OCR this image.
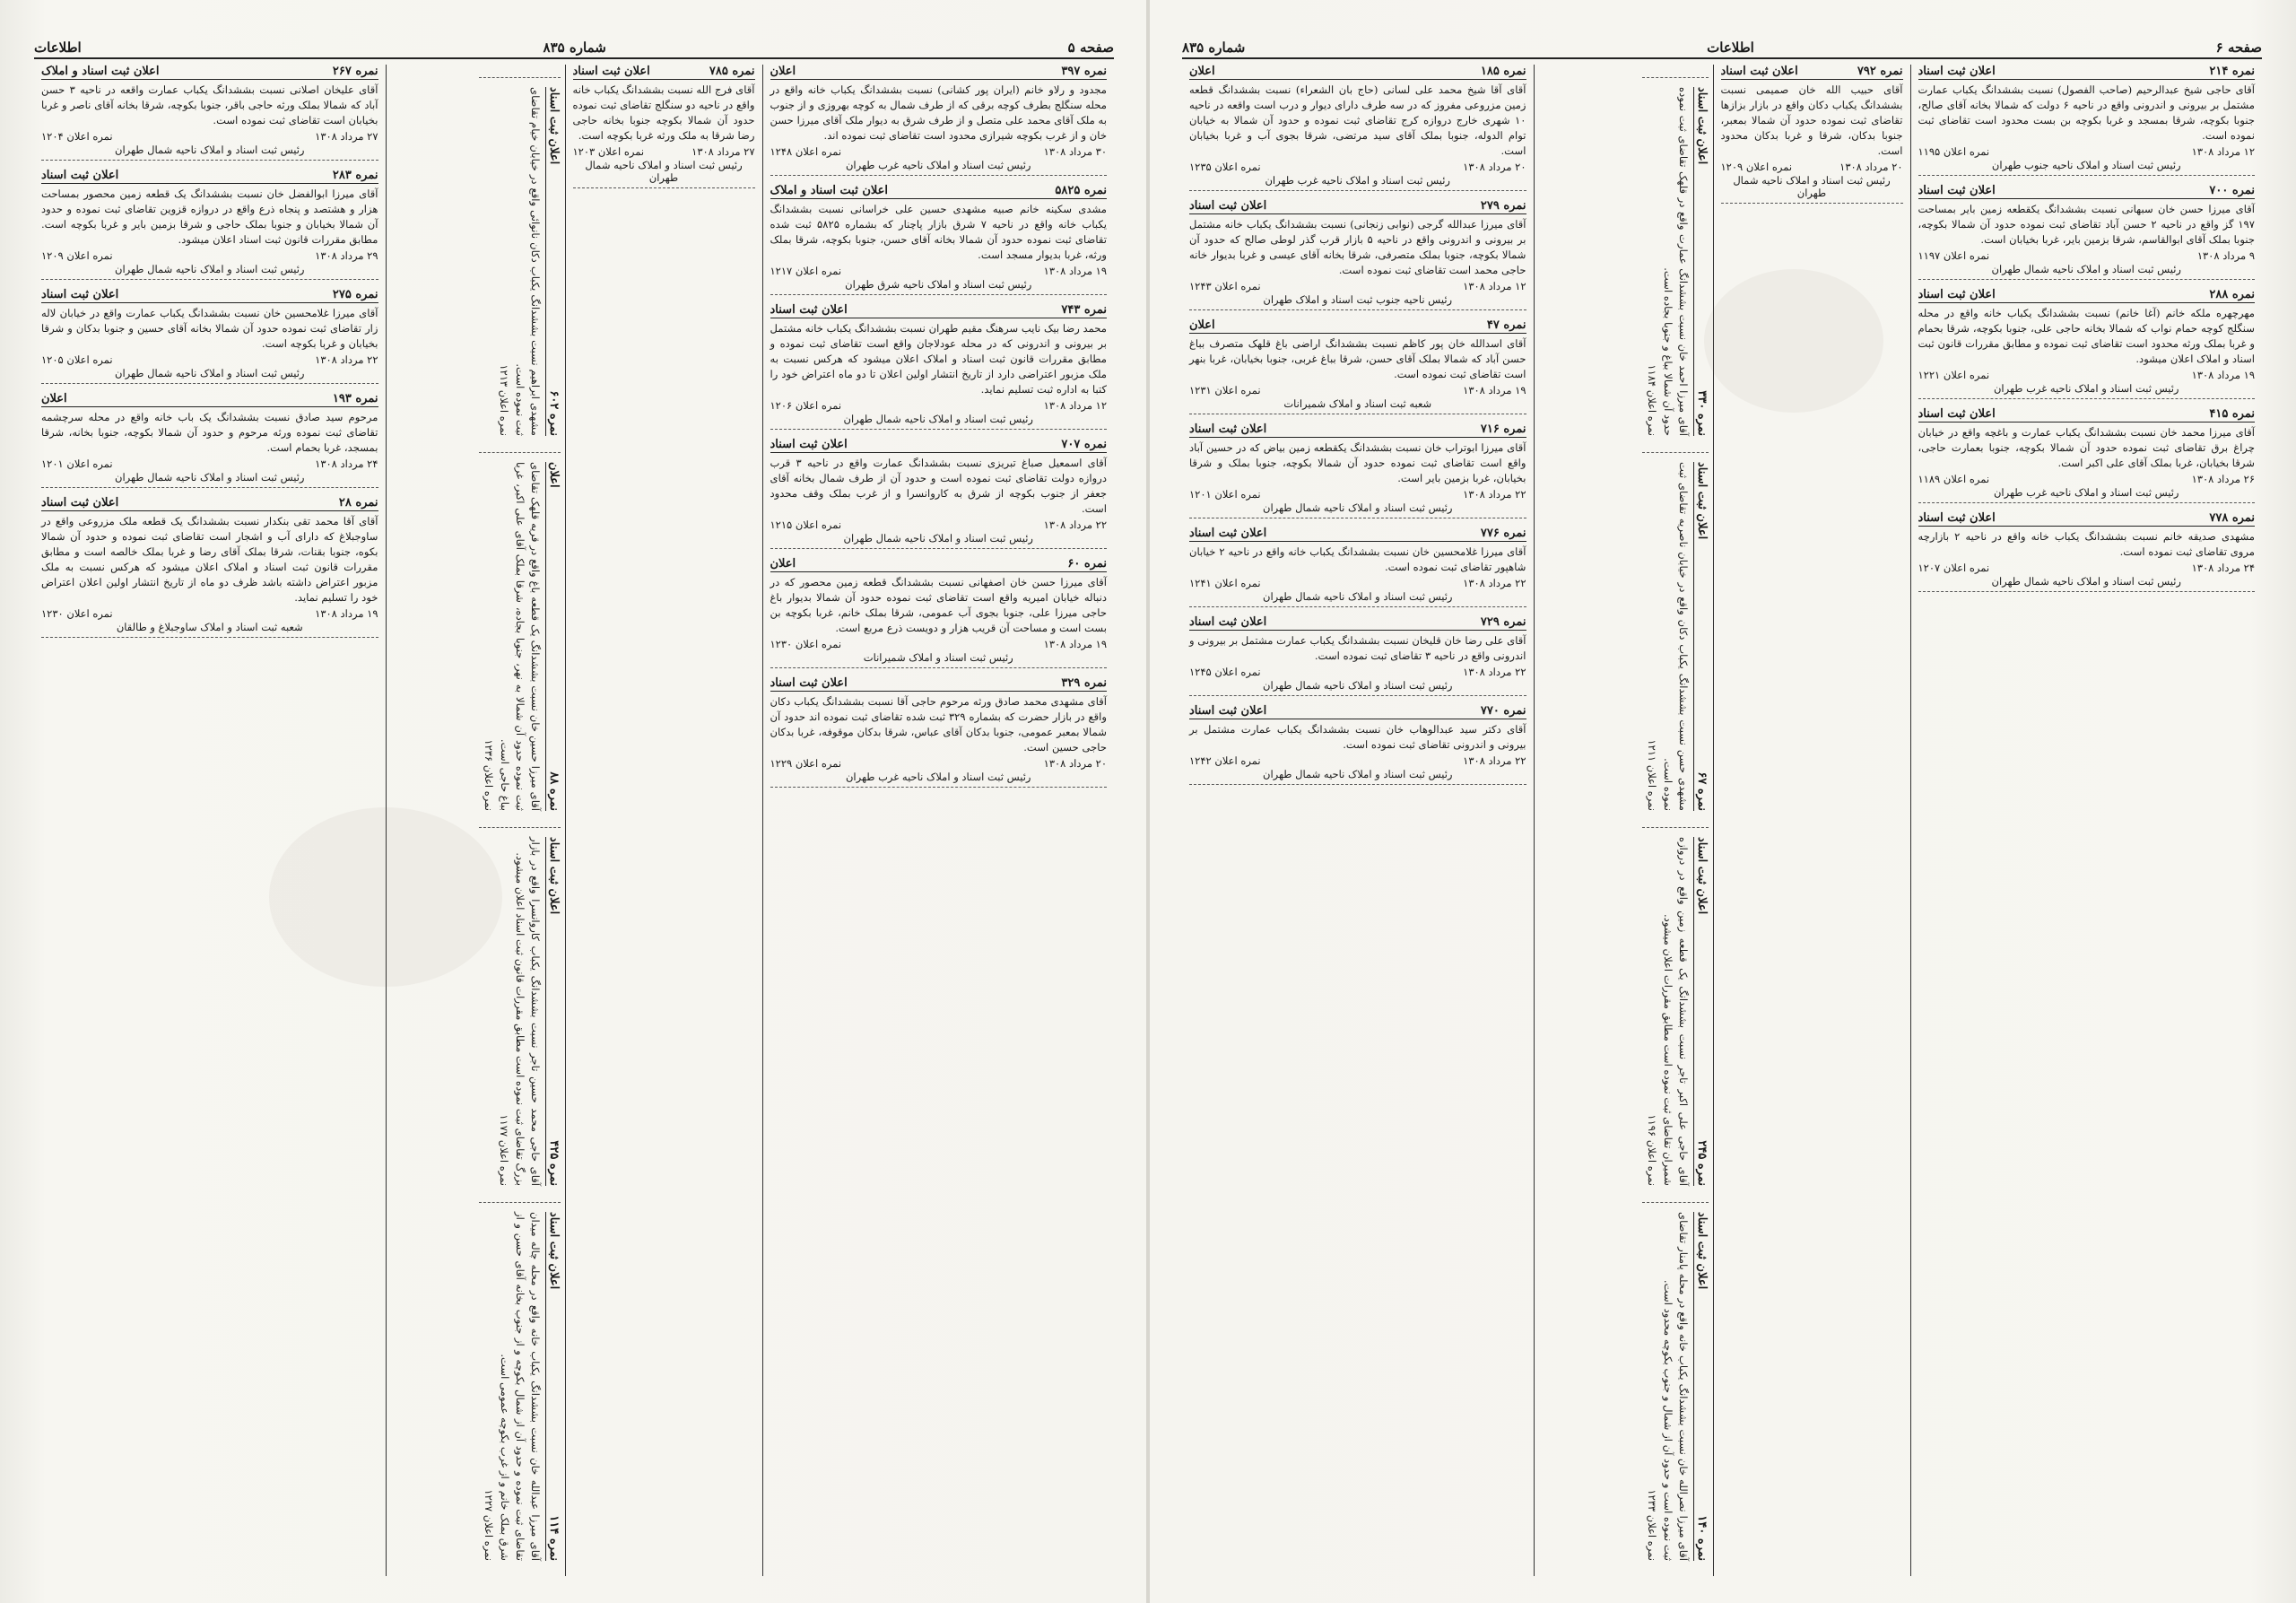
صفحه ۵
شماره ۸۳۵
اطلاعات
نمره ۳۹۷
اعلان
مجدود و رلاو خانم (ایران پور کشانی) نسبت بششدانگ یکباب خانه واقع در محله سنگلج بطرف کوچه برقی که از طرف شمال به کوچه بهروزی و از جنوب به ملک آقای محمد علی متصل و از طرف شرق به دیوار ملک آقای میرزا حسن خان و از غرب بکوچه شیرازی محدود است تقاضای ثبت نموده اند.
۳۰ مرداد ۱۳۰۸
نمره اعلان ۱۲۴۸
رئیس ثبت اسناد و املاک ناحیه غرب طهران
نمره ۵۸۲۵
اعلان ثبت اسناد و املاک
مشدی سکینه خانم صبیه مشهدی حسین علی خراسانی نسبت بششدانگ یکباب خانه واقع در ناحیه ۷ شرق بازار پاچنار که بشماره ۵۸۲۵ ثبت شده تقاضای ثبت نموده حدود آن شمالا بخانه آقای حسن، جنوبا بکوچه، شرقا بملک ورثه، غربا بدیوار مسجد است.
۱۹ مرداد ۱۳۰۸
نمره اعلان ۱۲۱۷
رئیس ثبت اسناد و املاک ناحیه شرق طهران
نمره ۷۴۳
اعلان ثبت اسناد
محمد رضا بیک نایب سرهنگ مقیم طهران نسبت بششدانگ یکباب خانه مشتمل بر بیرونی و اندرونی که در محله عودلاجان واقع است تقاضای ثبت نموده و مطابق مقررات قانون ثبت اسناد و املاک اعلان میشود که هرکس نسبت به ملک مزبور اعتراضی دارد از تاریخ انتشار اولین اعلان تا دو ماه اعتراض خود را کتبا به اداره ثبت تسلیم نماید.
۱۲ مرداد ۱۳۰۸
نمره اعلان ۱۲۰۶
رئیس ثبت اسناد و املاک ناحیه شمال طهران
نمره ۷۰۷
اعلان ثبت اسناد
آقای اسمعیل صباغ تبریزی نسبت بششدانگ عمارت واقع در ناحیه ۳ قرب دروازه دولت تقاضای ثبت نموده است و حدود آن از طرف شمال بخانه آقای جعفر از جنوب بکوچه از شرق به کاروانسرا و از غرب بملک وقف محدود است.
۲۲ مرداد ۱۳۰۸
نمره اعلان ۱۲۱۵
رئیس ثبت اسناد و املاک ناحیه شمال طهران
نمره ۶۰
اعلان
آقای میرزا حسن خان اصفهانی نسبت بششدانگ قطعه زمین محصور که در دنباله خیابان امیریه واقع است تقاضای ثبت نموده حدود آن شمالا بدیوار باغ حاجی میرزا علی، جنوبا بجوی آب عمومی، شرقا بملک خانم، غربا بکوچه بن بست است و مساحت آن قریب هزار و دویست ذرع مربع است.
۱۹ مرداد ۱۳۰۸
نمره اعلان ۱۲۳۰
رئیس ثبت اسناد و املاک شمیرانات
نمره ۳۲۹
اعلان ثبت اسناد
آقای مشهدی محمد صادق ورثه مرحوم حاجی آقا نسبت بششدانگ یکباب دکان واقع در بازار حضرت که بشماره ۳۲۹ ثبت شده تقاضای ثبت نموده اند حدود آن شمالا بمعبر عمومی، جنوبا بدکان آقای عباس، شرقا بدکان موقوفه، غربا بدکان حاجی حسین است.
۲۰ مرداد ۱۳۰۸
نمره اعلان ۱۲۲۹
رئیس ثبت اسناد و املاک ناحیه غرب طهران
نمره ۷۸۵
اعلان ثبت اسناد
آقای فرج الله نسبت بششدانگ یکباب خانه واقع در ناحیه دو سنگلج تقاضای ثبت نموده حدود آن شمالا بکوچه جنوبا بخانه حاجی رضا شرقا به ملک ورثه غربا بکوچه است.
۲۷ مرداد ۱۳۰۸
نمره اعلان ۱۲۰۳
رئیس ثبت اسناد و املاک ناحیه شمال طهران
نمره ۱۱۴
اعلان ثبت اسناد
آقای میرزا عبدالله خان نسبت بششدانگ یکباب خانه واقع در محله چاله میدان تقاضای ثبت نموده و حدود آن از شمال بکوچه و از جنوب بخانه آقای حسن و از شرق بملک خانم و از غرب بکوچه عمومی است.
نمره اعلان ۱۲۲۷
نمره ۴۲۵
اعلان ثبت اسناد
آقای حاجی محمد حسین تاجر نسبت بششدانگ یکباب کاروانسرا واقع در بازار بزرگ تقاضای ثبت نموده است مطابق مقررات قانون ثبت اسناد اعلان میشود.
نمره اعلان ۱۱۷۷
نمره ۸۸
اعلان
آقای میرزا حسین خان نسبت بششدانگ یک قطعه باغ واقع در قریه قلهک تقاضای ثبت نموده حدود آن شمالا به نهر، جنوبا بجاده، شرقا بملک آقای علی اکبر، غربا بباغ حاجی است.
نمره اعلان ۱۲۳۶
نمره ۶۰۲
اعلان ثبت اسناد
مشهدی ابراهیم نسبت بششدانگ یکباب دکان نانوائی واقع در خیابان خیام تقاضای ثبت نموده است.
نمره اعلان ۱۲۱۳
نمره ۲۶۷
اعلان ثبت اسناد و املاک
آقای علیخان اصلانی نسبت بششدانگ یکباب عمارت واقعه در ناحیه ۳ حسن آباد که شمالا بملک ورثه حاجی باقر، جنوبا بکوچه، شرقا بخانه آقای ناصر و غربا بخیابان است تقاضای ثبت نموده است.
۲۷ مرداد ۱۳۰۸
نمره اعلان ۱۲۰۴
رئیس ثبت اسناد و املاک ناحیه شمال طهران
نمره ۲۸۳
اعلان ثبت اسناد
آقای میرزا ابوالفضل خان نسبت بششدانگ یک قطعه زمین محصور بمساحت هزار و هشتصد و پنجاه ذرع واقع در دروازه قزوین تقاضای ثبت نموده و حدود آن شمالا بخیابان و جنوبا بملک حاجی و شرقا بزمین بایر و غربا بکوچه است. مطابق مقررات قانون ثبت اسناد اعلان میشود.
۲۹ مرداد ۱۳۰۸
نمره اعلان ۱۲۰۹
رئیس ثبت اسناد و املاک ناحیه شمال طهران
نمره ۲۷۵
اعلان ثبت اسناد
آقای میرزا غلامحسین خان نسبت بششدانگ یکباب عمارت واقع در خیابان لاله زار تقاضای ثبت نموده حدود آن شمالا بخانه آقای حسین و جنوبا بدکان و شرقا بخیابان و غربا بکوچه است.
۲۲ مرداد ۱۳۰۸
نمره اعلان ۱۲۰۵
رئیس ثبت اسناد و املاک ناحیه شمال طهران
نمره ۱۹۳
اعلان
مرحوم سید صادق نسبت بششدانگ یک باب خانه واقع در محله سرچشمه تقاضای ثبت نموده ورثه مرحوم و حدود آن شمالا بکوچه، جنوبا بخانه، شرقا بمسجد، غربا بحمام است.
۲۴ مرداد ۱۳۰۸
نمره اعلان ۱۲۰۱
رئیس ثبت اسناد و املاک ناحیه شمال طهران
نمره ۲۸
اعلان ثبت اسناد
آقای آقا محمد تقی بنکدار نسبت بششدانگ یک قطعه ملک مزروعی واقع در ساوجبلاغ که دارای آب و اشجار است تقاضای ثبت نموده و حدود آن شمالا بکوه، جنوبا بقنات، شرقا بملک آقای رضا و غربا بملک خالصه است و مطابق مقررات قانون ثبت اسناد و املاک اعلان میشود که هرکس نسبت به ملک مزبور اعتراض داشته باشد ظرف دو ماه از تاریخ انتشار اولین اعلان اعتراض خود را تسلیم نماید.
۱۹ مرداد ۱۳۰۸
نمره اعلان ۱۲۳۰
شعبه ثبت اسناد و املاک ساوجبلاغ و طالقان
صفحه ۶
اطلاعات
شماره ۸۳۵
نمره ۲۱۴
اعلان ثبت اسناد
آقای حاجی شیخ عبدالرحیم (صاحب الفصول) نسبت بششدانگ یکباب عمارت مشتمل بر بیرونی و اندرونی واقع در ناحیه ۶ دولت که شمالا بخانه آقای صالح، جنوبا بکوچه، شرقا بمسجد و غربا بکوچه بن بست محدود است تقاضای ثبت نموده است.
۱۲ مرداد ۱۳۰۸
نمره اعلان ۱۱۹۵
رئیس ثبت اسناد و املاک ناحیه جنوب طهران
نمره ۷۰۰
اعلان ثبت اسناد
آقای میرزا حسن خان سبهانی نسبت بششدانگ یکقطعه زمین بایر بمساحت ۱۹۷ گز واقع در ناحیه ۲ حسن آباد تقاضای ثبت نموده حدود آن شمالا بکوچه، جنوبا بملک آقای ابوالقاسم، شرقا بزمین بایر، غربا بخیابان است.
۹ مرداد ۱۳۰۸
نمره اعلان ۱۱۹۷
رئیس ثبت اسناد و املاک ناحیه شمال طهران
نمره ۲۸۸
اعلان ثبت اسناد
مهرچهره ملکه خانم (آغا خانم) نسبت بششدانگ یکباب خانه واقع در محله سنگلج کوچه حمام نواب که شمالا بخانه حاجی علی، جنوبا بکوچه، شرقا بحمام و غربا بملک ورثه محدود است تقاضای ثبت نموده و مطابق مقررات قانون ثبت اسناد و املاک اعلان میشود.
۱۹ مرداد ۱۳۰۸
نمره اعلان ۱۲۲۱
رئیس ثبت اسناد و املاک ناحیه غرب طهران
نمره ۴۱۵
اعلان ثبت اسناد
آقای میرزا محمد خان نسبت بششدانگ یکباب عمارت و باغچه واقع در خیابان چراغ برق تقاضای ثبت نموده حدود آن شمالا بکوچه، جنوبا بعمارت حاجی، شرقا بخیابان، غربا بملک آقای علی اکبر است.
۲۶ مرداد ۱۳۰۸
نمره اعلان ۱۱۸۹
رئیس ثبت اسناد و املاک ناحیه غرب طهران
نمره ۷۷۸
اعلان ثبت اسناد
مشهدی صدیقه خانم نسبت بششدانگ یکباب خانه واقع در ناحیه ۲ بازارچه مروی تقاضای ثبت نموده است.
۲۴ مرداد ۱۳۰۸
نمره اعلان ۱۲۰۷
رئیس ثبت اسناد و املاک ناحیه شمال طهران
نمره ۷۹۲
اعلان ثبت اسناد
آقای حبیب الله خان صمیمی نسبت بششدانگ یکباب دکان واقع در بازار بزازها تقاضای ثبت نموده حدود آن شمالا بمعبر، جنوبا بدکان، شرقا و غربا بدکان محدود است.
۲۰ مرداد ۱۳۰۸
نمره اعلان ۱۲۰۹
رئیس ثبت اسناد و املاک ناحیه شمال طهران
نمره ۱۴۰
اعلان ثبت اسناد
آقای میرزا نصرالله خان نسبت بششدانگ یکباب خانه واقع در محله پامنار تقاضای ثبت نموده است و حدود آن از شمال و جنوب بکوچه محدود است.
نمره اعلان ۱۲۳۳
نمره ۲۴۵
اعلان ثبت اسناد
آقای حاجی علی اکبر تاجر نسبت بششدانگ یک قطعه زمین واقع در دروازه شمیران تقاضای ثبت نموده است مطابق مقررات اعلان میشود.
نمره اعلان ۱۱۹۶
نمره ۶۷
اعلان ثبت اسناد
مشهدی حسن نسبت بششدانگ یکباب دکان واقع در خیابان ناصریه تقاضای ثبت نموده است.
نمره اعلان ۱۲۱۱
نمره ۳۳۰
اعلان ثبت اسناد
آقای میرزا احمد خان نسبت بششدانگ عمارت واقع در قلهک تقاضای ثبت نموده حدود آن شمالا بباغ و جنوبا بجاده است.
نمره اعلان ۱۱۸۴
نمره ۱۸۵
اعلان
آقای آقا شیخ محمد علی لسانی (حاج بان الشعراء) نسبت بششدانگ قطعه زمین مزروعی مفروز که در سه طرف دارای دیوار و درب است واقعه در ناحیه ۱۰ شهری خارج دروازه کرج تقاضای ثبت نموده و حدود آن شمالا به خیابان توام الدوله، جنوبا بملک آقای سید مرتضی، شرقا بجوی آب و غربا بخیابان است.
۲۰ مرداد ۱۳۰۸
نمره اعلان ۱۲۳۵
رئیس ثبت اسناد و املاک ناحیه غرب طهران
نمره ۲۷۹
اعلان ثبت اسناد
آقای میرزا عبدالله گرجی (نوابی زنجانی) نسبت بششدانگ یکباب خانه مشتمل بر بیرونی و اندرونی واقع در ناحیه ۵ بازار قرب گذر لوطی صالح که حدود آن شمالا بکوچه، جنوبا بملک متصرفی، شرقا بخانه آقای عیسی و غربا بدیوار خانه حاجی محمد است تقاضای ثبت نموده است.
۱۲ مرداد ۱۳۰۸
نمره اعلان ۱۲۴۳
رئیس ناحیه جنوب ثبت اسناد و املاک طهران
نمره ۴۷
اعلان
آقای اسدالله خان پور کاظم نسبت بششدانگ اراضی باغ قلهک متصرف بباغ حسن آباد که شمالا بملک آقای حسن، شرقا بباغ غربی، جنوبا بخیابان، غربا بنهر است تقاضای ثبت نموده است.
۱۹ مرداد ۱۳۰۸
نمره اعلان ۱۲۳۱
شعبه ثبت اسناد و املاک شمیرانات
نمره ۷۱۶
اعلان ثبت اسناد
آقای میرزا ابوتراب خان نسبت بششدانگ یکقطعه زمین بیاض که در حسین آباد واقع است تقاضای ثبت نموده حدود آن شمالا بکوچه، جنوبا بملک و شرقا بخیابان، غربا بزمین بایر است.
۲۲ مرداد ۱۳۰۸
نمره اعلان ۱۲۰۱
رئیس ثبت اسناد و املاک ناحیه شمال طهران
نمره ۷۷۶
اعلان ثبت اسناد
آقای میرزا غلامحسین خان نسبت بششدانگ یکباب خانه واقع در ناحیه ۲ خیابان شاهپور تقاضای ثبت نموده است.
۲۲ مرداد ۱۳۰۸
نمره اعلان ۱۲۴۱
رئیس ثبت اسناد و املاک ناحیه شمال طهران
نمره ۷۲۹
اعلان ثبت اسناد
آقای علی رضا خان قلیخان نسبت بششدانگ یکباب عمارت مشتمل بر بیرونی و اندرونی واقع در ناحیه ۳ تقاضای ثبت نموده است.
۲۲ مرداد ۱۳۰۸
نمره اعلان ۱۲۴۵
رئیس ثبت اسناد و املاک ناحیه شمال طهران
نمره ۷۷۰
اعلان ثبت اسناد
آقای دکتر سید عبدالوهاب خان نسبت بششدانگ یکباب عمارت مشتمل بر بیرونی و اندرونی تقاضای ثبت نموده است.
۲۲ مرداد ۱۳۰۸
نمره اعلان ۱۲۴۲
رئیس ثبت اسناد و املاک ناحیه شمال طهران
